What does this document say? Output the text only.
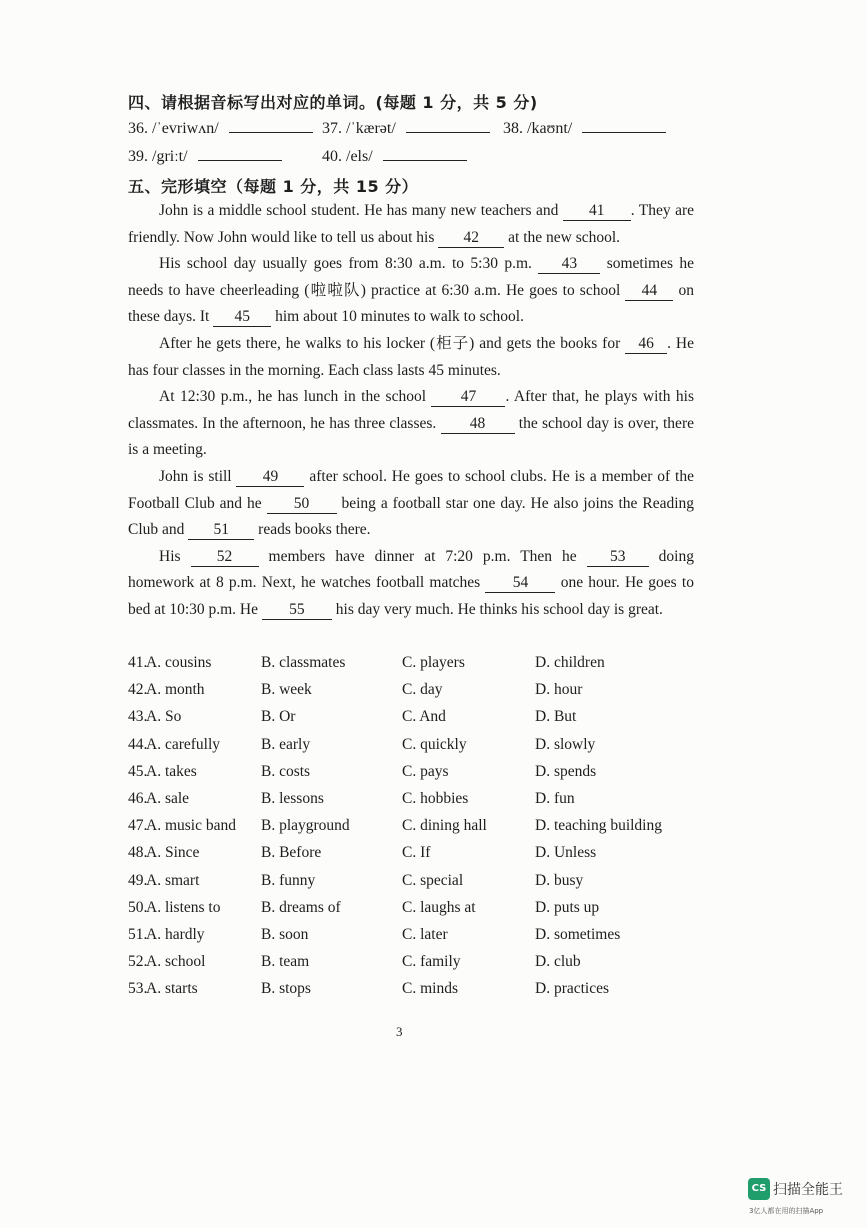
四、请根据音标写出对应的单词。(每题 1 分，共 5 分)
36. /ˈevriwʌn/	37. /ˈkærət/	38. /kaʊnt/
39. /griːt/	40. /els/
五、完形填空（每题 1 分，共 15 分）

John is a middle school student. He has many new teachers and 41 . They are friendly. Now John would like to tell us about his 42 at the new school.

His school day usually goes from 8:30 a.m. to 5:30 p.m. 43 sometimes he needs to have cheerleading (啦啦队) practice at 6:30 a.m. He goes to school 44 on these days. It 45 him about 10 minutes to walk to school.

After he gets there, he walks to his locker (柜子) and gets the books for 46 . He has four classes in the morning. Each class lasts 45 minutes.

At 12:30 p.m., he has lunch in the school 47 . After that, he plays with his classmates. In the afternoon, he has three classes. 48 the school day is over, there is a meeting.

John is still 49 after school. He goes to school clubs. He is a member of the Football Club and he 50 being a football star one day. He also joins the Reading Club and 51 reads books there.

His 52 members have dinner at 7:20 p.m. Then he 53 doing homework at 8 p.m. Next, he watches football matches 54 one hour. He goes to bed at 10:30 p.m. He 55 his day very much. He thinks his school day is great.

41.
A. cousins	B. classmates	C. players	D. children
42.
A. month	B. week	C. day	D. hour
43.
A. So	B. Or	C. And	D. But
44.
A. carefully	B. early	C. quickly	D. slowly
45.
A. takes	B. costs	C. pays	D. spends
46.
A. sale	B. lessons	C. hobbies	D. fun
47.
A. music band B. playground	C. dining hall	D. teaching building
48.
A. Since	B. Before	C. If	D. Unless
49.
A. smart	B. funny	C. special	D. busy
50.
A. listens to	B. dreams of	C. laughs at	D. puts up
51.
A. hardly	B. soon	C. later	D. sometimes
52.
A. school	B. team	C. family	D. club
53.
A. starts	B. stops	C. minds	D. practices
3
CS 扫描全能王
3亿人都在用的扫描App
